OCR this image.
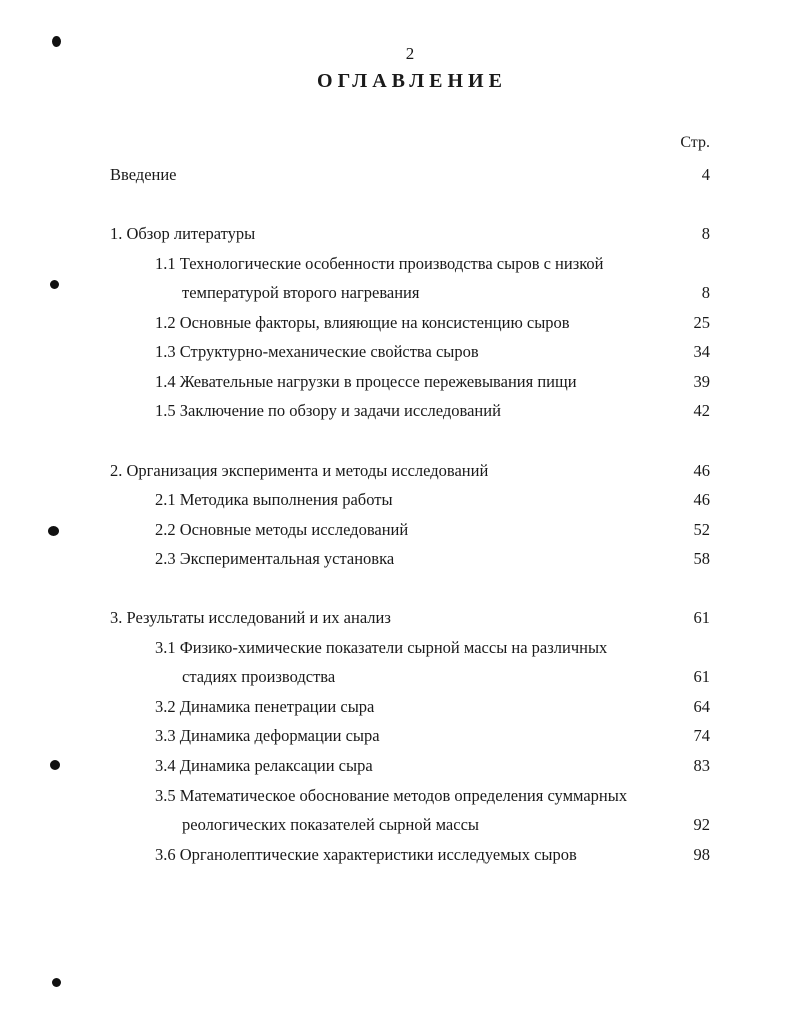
2
ОГЛАВЛЕНИЕ
Стр.
Введение	4
1. Обзор литературы	8
1.1 Технологические особенности производства сыров с низкой
температурой второго нагревания	8
1.2 Основные факторы, влияющие на консистенцию сыров	25
1.3 Структурно-механические свойства сыров	34
1.4 Жевательные нагрузки в процессе пережевывания пищи	39
1.5 Заключение по обзору и задачи исследований	42
2. Организация эксперимента и методы исследований	46
2.1 Методика выполнения работы	46
2.2 Основные методы исследований	52
2.3 Экспериментальная установка	58
3. Результаты исследований и их анализ	61
3.1 Физико-химические показатели сырной массы на различных
стадиях производства	61
3.2 Динамика пенетрации сыра	64
3.3 Динамика деформации сыра	74
3.4 Динамика релаксации сыра	83
3.5 Математическое обоснование методов определения суммарных
реологических показателей сырной массы	92
3.6 Органолептические характеристики исследуемых сыров	98
